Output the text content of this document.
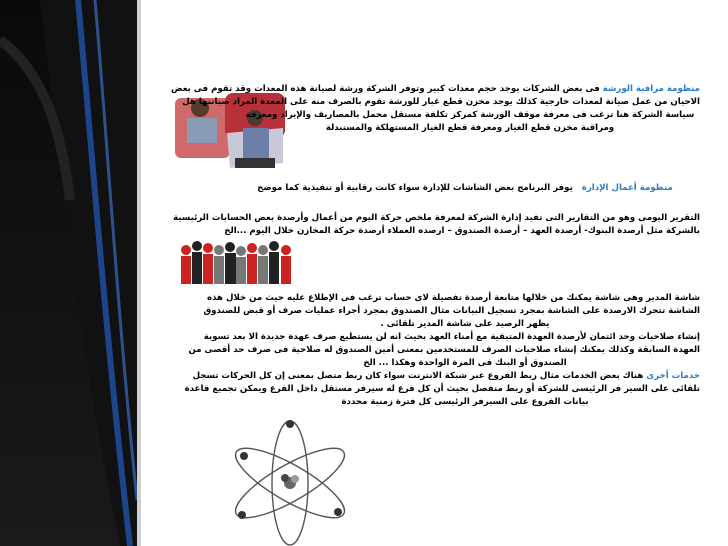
منظومة مراقبة الورشة فى بعض الشركات يوجد حجم معدات كبير وتوفر الشركة ورشة لصيانة هذه المعدات وقد تقوم فى بعض
الاحيان من عمل صيانة لمعدات خارجية كذلك يوجد مخزن قطع غيار للورشة تقوم بالصرف منه على المعدة المراد صيانتها هل
سياسة الشركة هنا ترغب فى معرفة موقف الورشة كمركز تكلفة مستقل محمل بالمصاريف والإيراد ومعرفة
ومراقبة مخزن قطع الغيار ومعرفة قطع الغيار المستهلكة والمستبدلة
منظومة أعمال الإدارة   يوفر البرنامج بعض الشاشات للإدارة سواء كانت رقابية أو تنفيذية كما موضح
التقرير اليومى وهو من التقارير التى تفيد إدارة الشركة لمعرفة ملخص حركة اليوم من أعمال وأرصدة بعض الحسابات الرئيسية
بالشركة مثل أرصدة البنوك- أرصدة العهد – أرصدة الصندوق – ارصده العملاء أرصدة حركة المخازن خلال اليوم ...الخ
شاشة المدير وهى شاشة يمكنك من خلالها متابعة أرصدة تفصيلة لاى حساب ترغب فى الإطلاع عليه حيث من خلال هذه
الشاشة تتحرك الارصدة على الشاشة بمجرد تسجيل البيانات مثال الصندوق بمجرد أجراء عمليات صرف أو قبض للصندوق
يظهر الرصيد على شاشة المدير تلقائى .
إنشاء صلاحيات وحد ائتمان لأرصدة العهدة المتبقية مع أمناء العهد بحيث انه لن يستطيع صرف عهدة جديدة الا بعد تسوية
العهدة السابقة وكذلك يمكنك إنشاء صلاحيات الصرف للمستخدمين بمعنى أمين الصندوق له صلاحية فى صرف حد أقصى من
الصندوق أو البنك فى المرة الواحدة وهكذا ... الخ
خدمات أخرى هناك بعض الخدمات مثال ربط الفروع عبر شبكة الانترنت سواء كان ربط متصل بمعنى إن كل الحركات تسجل
تلقائى على السير فر الرئيسى للشركة أو ربط منفصل بحيث أن كل فرع له سيرفر مستقل داخل الفرع ويمكن تجميع قاعدة
بيانات الفروع على السيرفر الرئيسى كل فترة زمنية محددة
